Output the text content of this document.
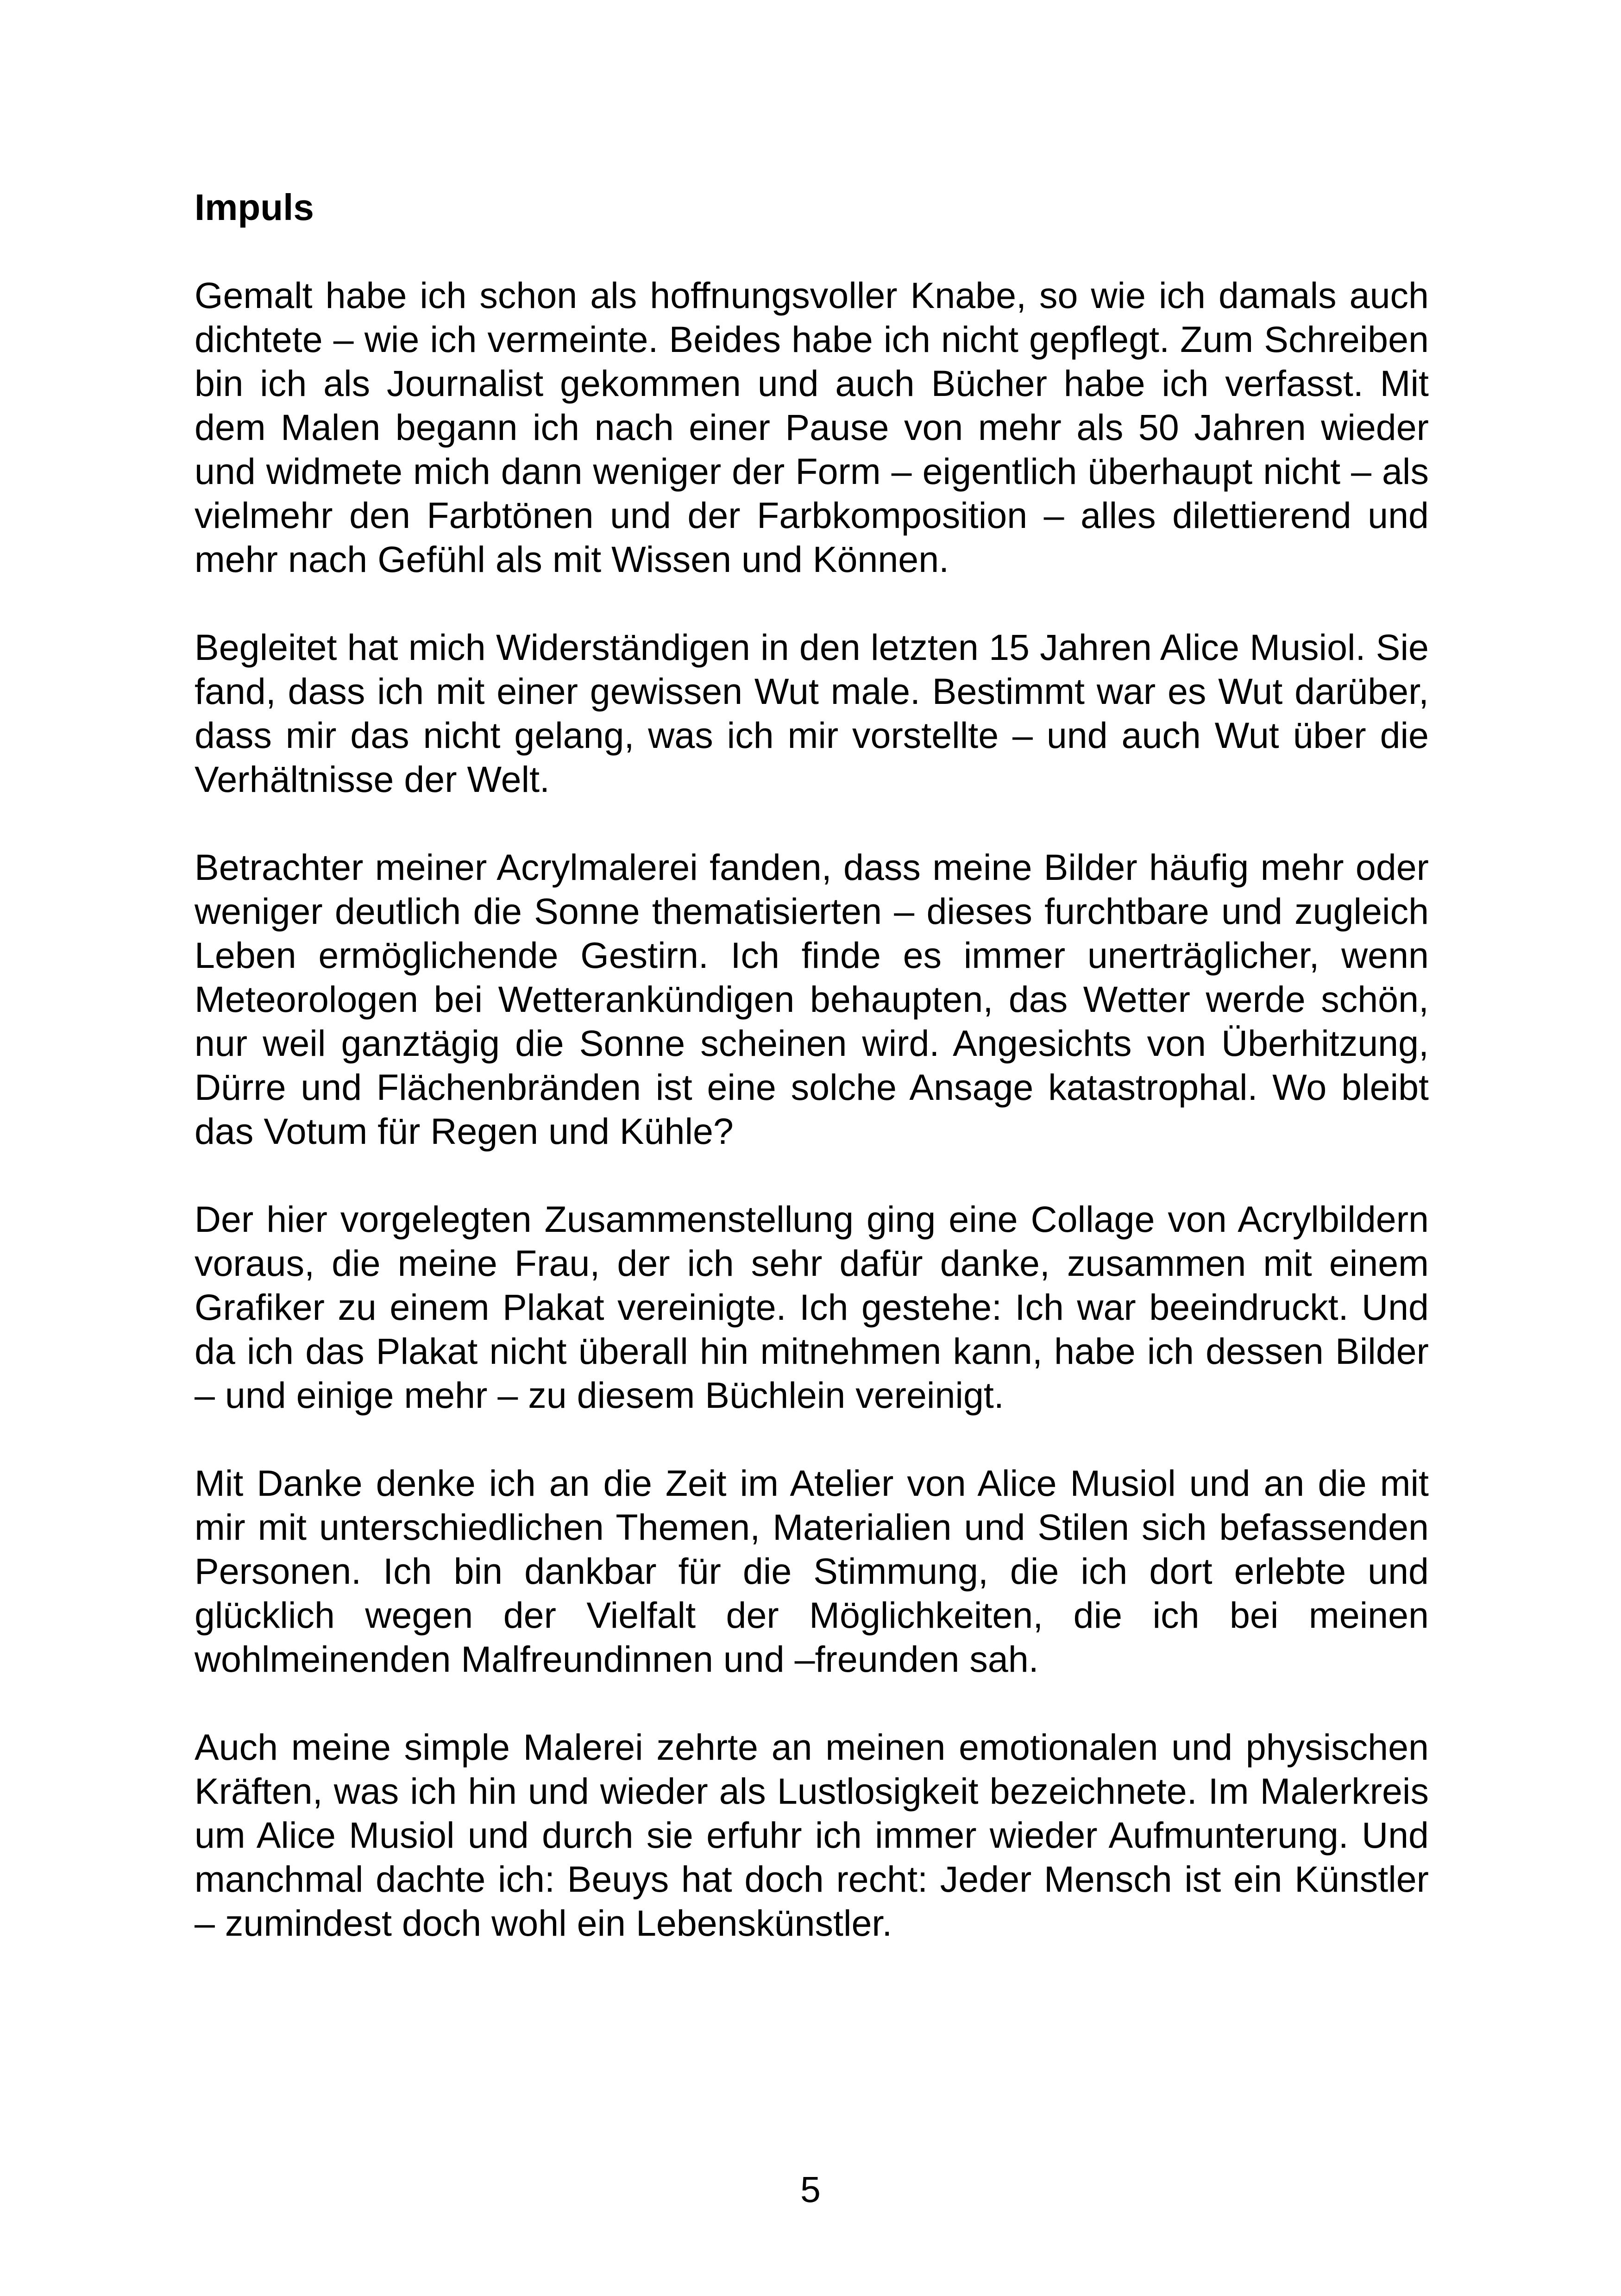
Impuls

Gemalt habe ich schon als hoffnungsvoller Knabe, so wie ich damals auch dichtete – wie ich vermeinte. Beides habe ich nicht gepflegt. Zum Schreiben bin ich als Journalist gekommen und auch Bücher habe ich verfasst. Mit dem Malen begann ich nach einer Pause von mehr als 50 Jahren wieder und widmete mich dann weniger der Form – eigentlich überhaupt nicht – als vielmehr den Farbtönen und der Farbkomposition – alles dilettierend und mehr nach Gefühl als mit Wissen und Können.

Begleitet hat mich Widerständigen in den letzten 15 Jahren Alice Musiol. Sie fand, dass ich mit einer gewissen Wut male. Bestimmt war es Wut darüber, dass mir das nicht gelang, was ich mir vorstellte – und auch Wut über die Verhältnisse der Welt.

Betrachter meiner Acrylmalerei fanden, dass meine Bilder häufig mehr oder weniger deutlich die Sonne thematisierten – dieses furchtbare und zugleich Leben ermöglichende Gestirn. Ich finde es immer unerträglicher, wenn Meteorologen bei Wetterankündigen behaupten, das Wetter werde schön, nur weil ganztägig die Sonne scheinen wird. Angesichts von Überhitzung, Dürre und Flächenbränden ist eine solche Ansage katastrophal. Wo bleibt das Votum für Regen und Kühle?

Der hier vorgelegten Zusammenstellung ging eine Collage von Acrylbildern voraus, die meine Frau, der ich sehr dafür danke, zusammen mit einem Grafiker zu einem Plakat vereinigte. Ich gestehe: Ich war beeindruckt. Und da ich das Plakat nicht überall hin mitnehmen kann, habe ich dessen Bilder – und einige mehr – zu diesem Büchlein vereinigt.

Mit Danke denke ich an die Zeit im Atelier von Alice Musiol und an die mit mir mit unterschiedlichen Themen, Materialien und Stilen sich befassenden Personen. Ich bin dankbar für die Stimmung, die ich dort erlebte und glücklich wegen der Vielfalt der Möglichkeiten, die ich bei meinen wohlmeinenden Malfreundinnen und –freunden sah.

Auch meine simple Malerei zehrte an meinen emotionalen und physischen Kräften, was ich hin und wieder als Lustlosigkeit bezeichnete. Im Malerkreis um Alice Musiol und durch sie erfuhr ich immer wieder Aufmunterung. Und manchmal dachte ich: Beuys hat doch recht: Jeder Mensch ist ein Künstler – zumindest doch wohl ein Lebenskünstler.

5
